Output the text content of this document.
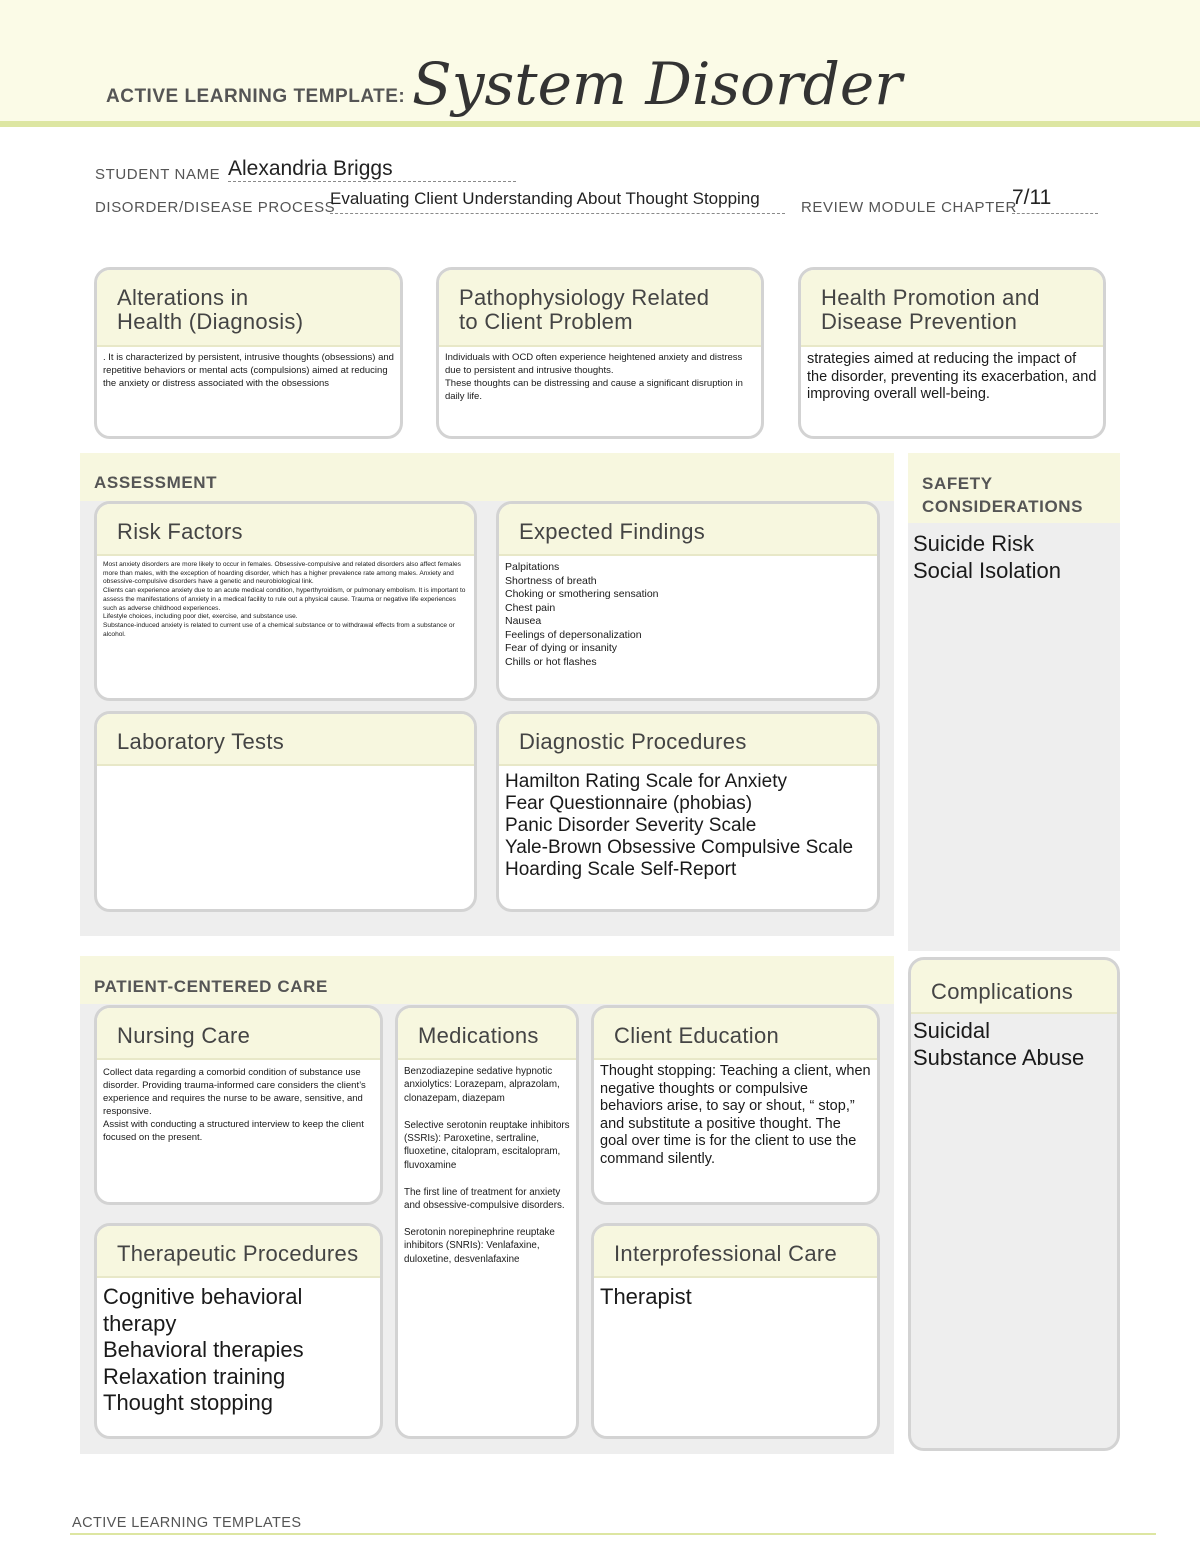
ACTIVE LEARNING TEMPLATE: System Disorder
STUDENT NAME Alexandria Briggs
DISORDER/DISEASE PROCESS
Evaluating Client Understanding About Thought Stopping	REVIEW MODULE CHAPTER
7/11
Alterations in
Health (Diagnosis)
. It is characterized by persistent, intrusive thoughts (obsessions) and repetitive behaviors or mental acts (compulsions) aimed at reducing the anxiety or distress associated with the obsessions
Pathophysiology Related
to Client Problem
Individuals with OCD often experience heightened anxiety and distress due to persistent and intrusive thoughts.
These thoughts can be distressing and cause a significant disruption in daily life.
Health Promotion and
Disease Prevention
strategies aimed at reducing the impact of the disorder, preventing its exacerbation, and improving overall well-being.
ASSESSMENT
Risk Factors
Most anxiety disorders are more likely to occur in females. Obsessive-compulsive and related disorders also affect females more than males, with the exception of hoarding disorder, which has a higher prevalence rate among males. Anxiety and obsessive-compulsive disorders have a genetic and neurobiological link.
Clients can experience anxiety due to an acute medical condition, hyperthyroidism, or pulmonary embolism. It is important to assess the manifestations of anxiety in a medical facility to rule out a physical cause. Trauma or negative life experiences such as adverse childhood experiences.
Lifestyle choices, including poor diet, exercise, and substance use.
Substance-induced anxiety is related to current use of a chemical substance or to withdrawal effects from a substance or alcohol.
Expected Findings
Palpitations
Shortness of breath
Choking or smothering sensation
Chest pain
Nausea
Feelings of depersonalization
Fear of dying or insanity
Chills or hot flashes
Laboratory Tests	Diagnostic Procedures
Hamilton Rating Scale for Anxiety
Fear Questionnaire (phobias)
Panic Disorder Severity Scale
Yale-Brown Obsessive Compulsive Scale
Hoarding Scale Self-Report
SAFETY
CONSIDERATIONS
Suicide Risk
Social Isolation
PATIENT-CENTERED CARE
Nursing Care
Collect data regarding a comorbid condition of substance use disorder. Providing trauma-informed care considers the client’s experience and requires the nurse to be aware, sensitive, and responsive.
Assist with conducting a structured interview to keep the client focused on the present.
Medications
Benzodiazepine sedative hypnotic anxiolytics: Lorazepam, alprazolam, clonazepam, diazepam

Selective serotonin reuptake inhibitors (SSRIs): Paroxetine, sertraline, fluoxetine, citalopram, escitalopram, fluvoxamine

The first line of treatment for anxiety and obsessive-compulsive disorders.

Serotonin norepinephrine reuptake inhibitors (SNRIs): Venlafaxine, duloxetine, desvenlafaxine
Client Education
Thought stopping: Teaching a client, when negative thoughts or compulsive behaviors arise, to say or shout, “ stop,” and substitute a positive thought. The goal over time is for the client to use the command silently.
Therapeutic Procedures
Cognitive behavioral therapy
Behavioral therapies
Relaxation training
Thought stopping
Interprofessional Care
Therapist
Complications
Suicidal
Substance Abuse
ACTIVE LEARNING TEMPLATES
